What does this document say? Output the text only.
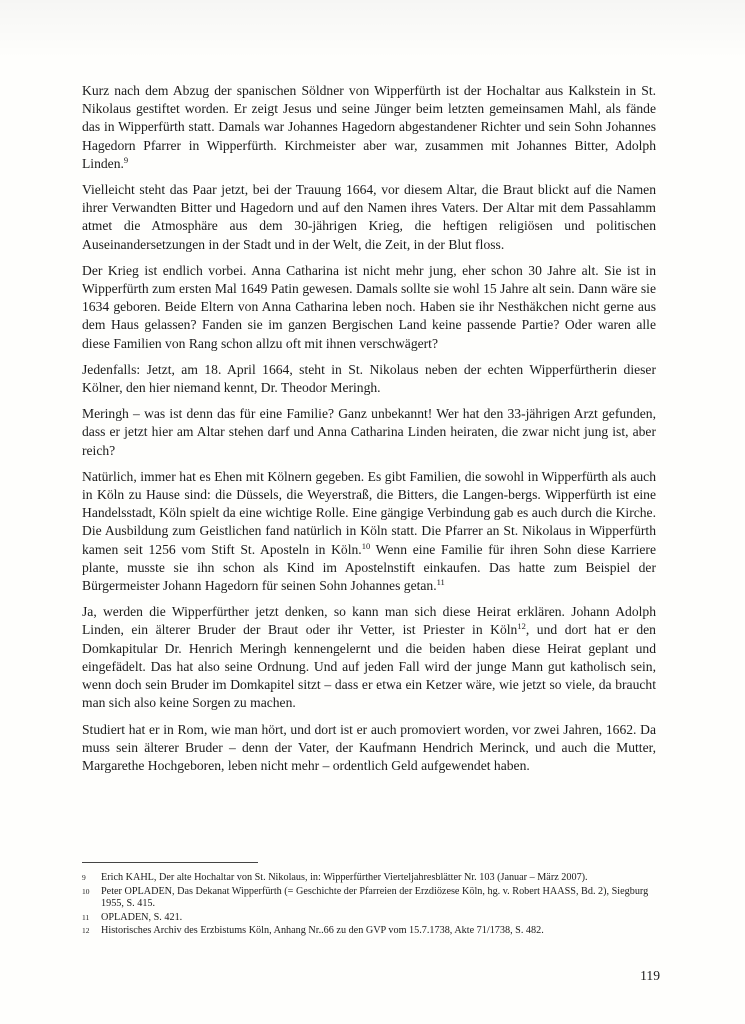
Kurz nach dem Abzug der spanischen Söldner von Wipperfürth ist der Hochaltar aus Kalkstein in St. Nikolaus gestiftet worden. Er zeigt Jesus und seine Jünger beim letzten gemeinsamen Mahl, als fände das in Wipperfürth statt. Damals war Johannes Hagedorn abgestandener Richter und sein Sohn Johannes Hagedorn Pfarrer in Wipperfürth. Kirchmeister aber war, zusammen mit Johannes Bitter, Adolph Linden.$^9$

Vielleicht steht das Paar jetzt, bei der Trauung 1664, vor diesem Altar, die Braut blickt auf die Namen ihrer Verwandten Bitter und Hagedorn und auf den Namen ihres Vaters. Der Altar mit dem Passahlamm atmet die Atmosphäre aus dem 30-jährigen Krieg, die heftigen religiösen und politischen Auseinandersetzungen in der Stadt und in der Welt, die Zeit, in der Blut floss.

Der Krieg ist endlich vorbei. Anna Catharina ist nicht mehr jung, eher schon 30 Jahre alt. Sie ist in Wipperfürth zum ersten Mal 1649 Patin gewesen. Damals sollte sie wohl 15 Jahre alt sein. Dann wäre sie 1634 geboren. Beide Eltern von Anna Catharina leben noch. Haben sie ihr Nesthäkchen nicht gerne aus dem Haus gelassen? Fanden sie im ganzen Bergischen Land keine passende Partie? Oder waren alle diese Familien von Rang schon allzu oft mit ihnen verschwägert?

Jedenfalls: Jetzt, am 18. April 1664, steht in St. Nikolaus neben der echten Wipperfürtherin dieser Kölner, den hier niemand kennt, Dr. Theodor Meringh.

Meringh – was ist denn das für eine Familie? Ganz unbekannt! Wer hat den 33-jährigen Arzt gefunden, dass er jetzt hier am Altar stehen darf und Anna Catharina Linden heiraten, die zwar nicht jung ist, aber reich?

Natürlich, immer hat es Ehen mit Kölnern gegeben. Es gibt Familien, die sowohl in Wipperfürth als auch in Köln zu Hause sind: die Düssels, die Weyerstraß, die Bitters, die Langen-bergs. Wipperfürth ist eine Handelsstadt, Köln spielt da eine wichtige Rolle. Eine gängige Verbindung gab es auch durch die Kirche. Die Ausbildung zum Geistlichen fand natürlich in Köln statt. Die Pfarrer an St. Nikolaus in Wipperfürth kamen seit 1256 vom Stift St. Aposteln in Köln.$^{10}$ Wenn eine Familie für ihren Sohn diese Karriere plante, musste sie ihn schon als Kind im Apostelnstift einkaufen. Das hatte zum Beispiel der Bürgermeister Johann Hagedorn für seinen Sohn Johannes getan.$^{11}$

Ja, werden die Wipperfürther jetzt denken, so kann man sich diese Heirat erklären. Johann Adolph Linden, ein älterer Bruder der Braut oder ihr Vetter, ist Priester in Köln$^{12}$, und dort hat er den Domkapitular Dr. Henrich Meringh kennengelernt und die beiden haben diese Heirat geplant und eingefädelt. Das hat also seine Ordnung. Und auf jeden Fall wird der junge Mann gut katholisch sein, wenn doch sein Bruder im Domkapitel sitzt – dass er etwa ein Ketzer wäre, wie jetzt so viele, da braucht man sich also keine Sorgen zu machen.

Studiert hat er in Rom, wie man hört, und dort ist er auch promoviert worden, vor zwei Jahren, 1662. Da muss sein älterer Bruder – denn der Vater, der Kaufmann Hendrich Merinck, und auch die Mutter, Margarethe Hochgeboren, leben nicht mehr – ordentlich Geld aufgewendet haben.

9	Erich KAHL, Der alte Hochaltar von St. Nikolaus, in: Wipperfürther Vierteljahresblätter Nr. 103 (Januar – März 2007).
10	Peter OPLADEN, Das Dekanat Wipperfürth (= Geschichte der Pfarreien der Erzdiözese Köln, hg. v. Robert HAASS, Bd. 2), Siegburg 1955, S. 415.
11	OPLADEN, S. 421.
12	Historisches Archiv des Erzbistums Köln, Anhang Nr..66 zu den GVP vom 15.7.1738, Akte 71/1738, S. 482.
119
